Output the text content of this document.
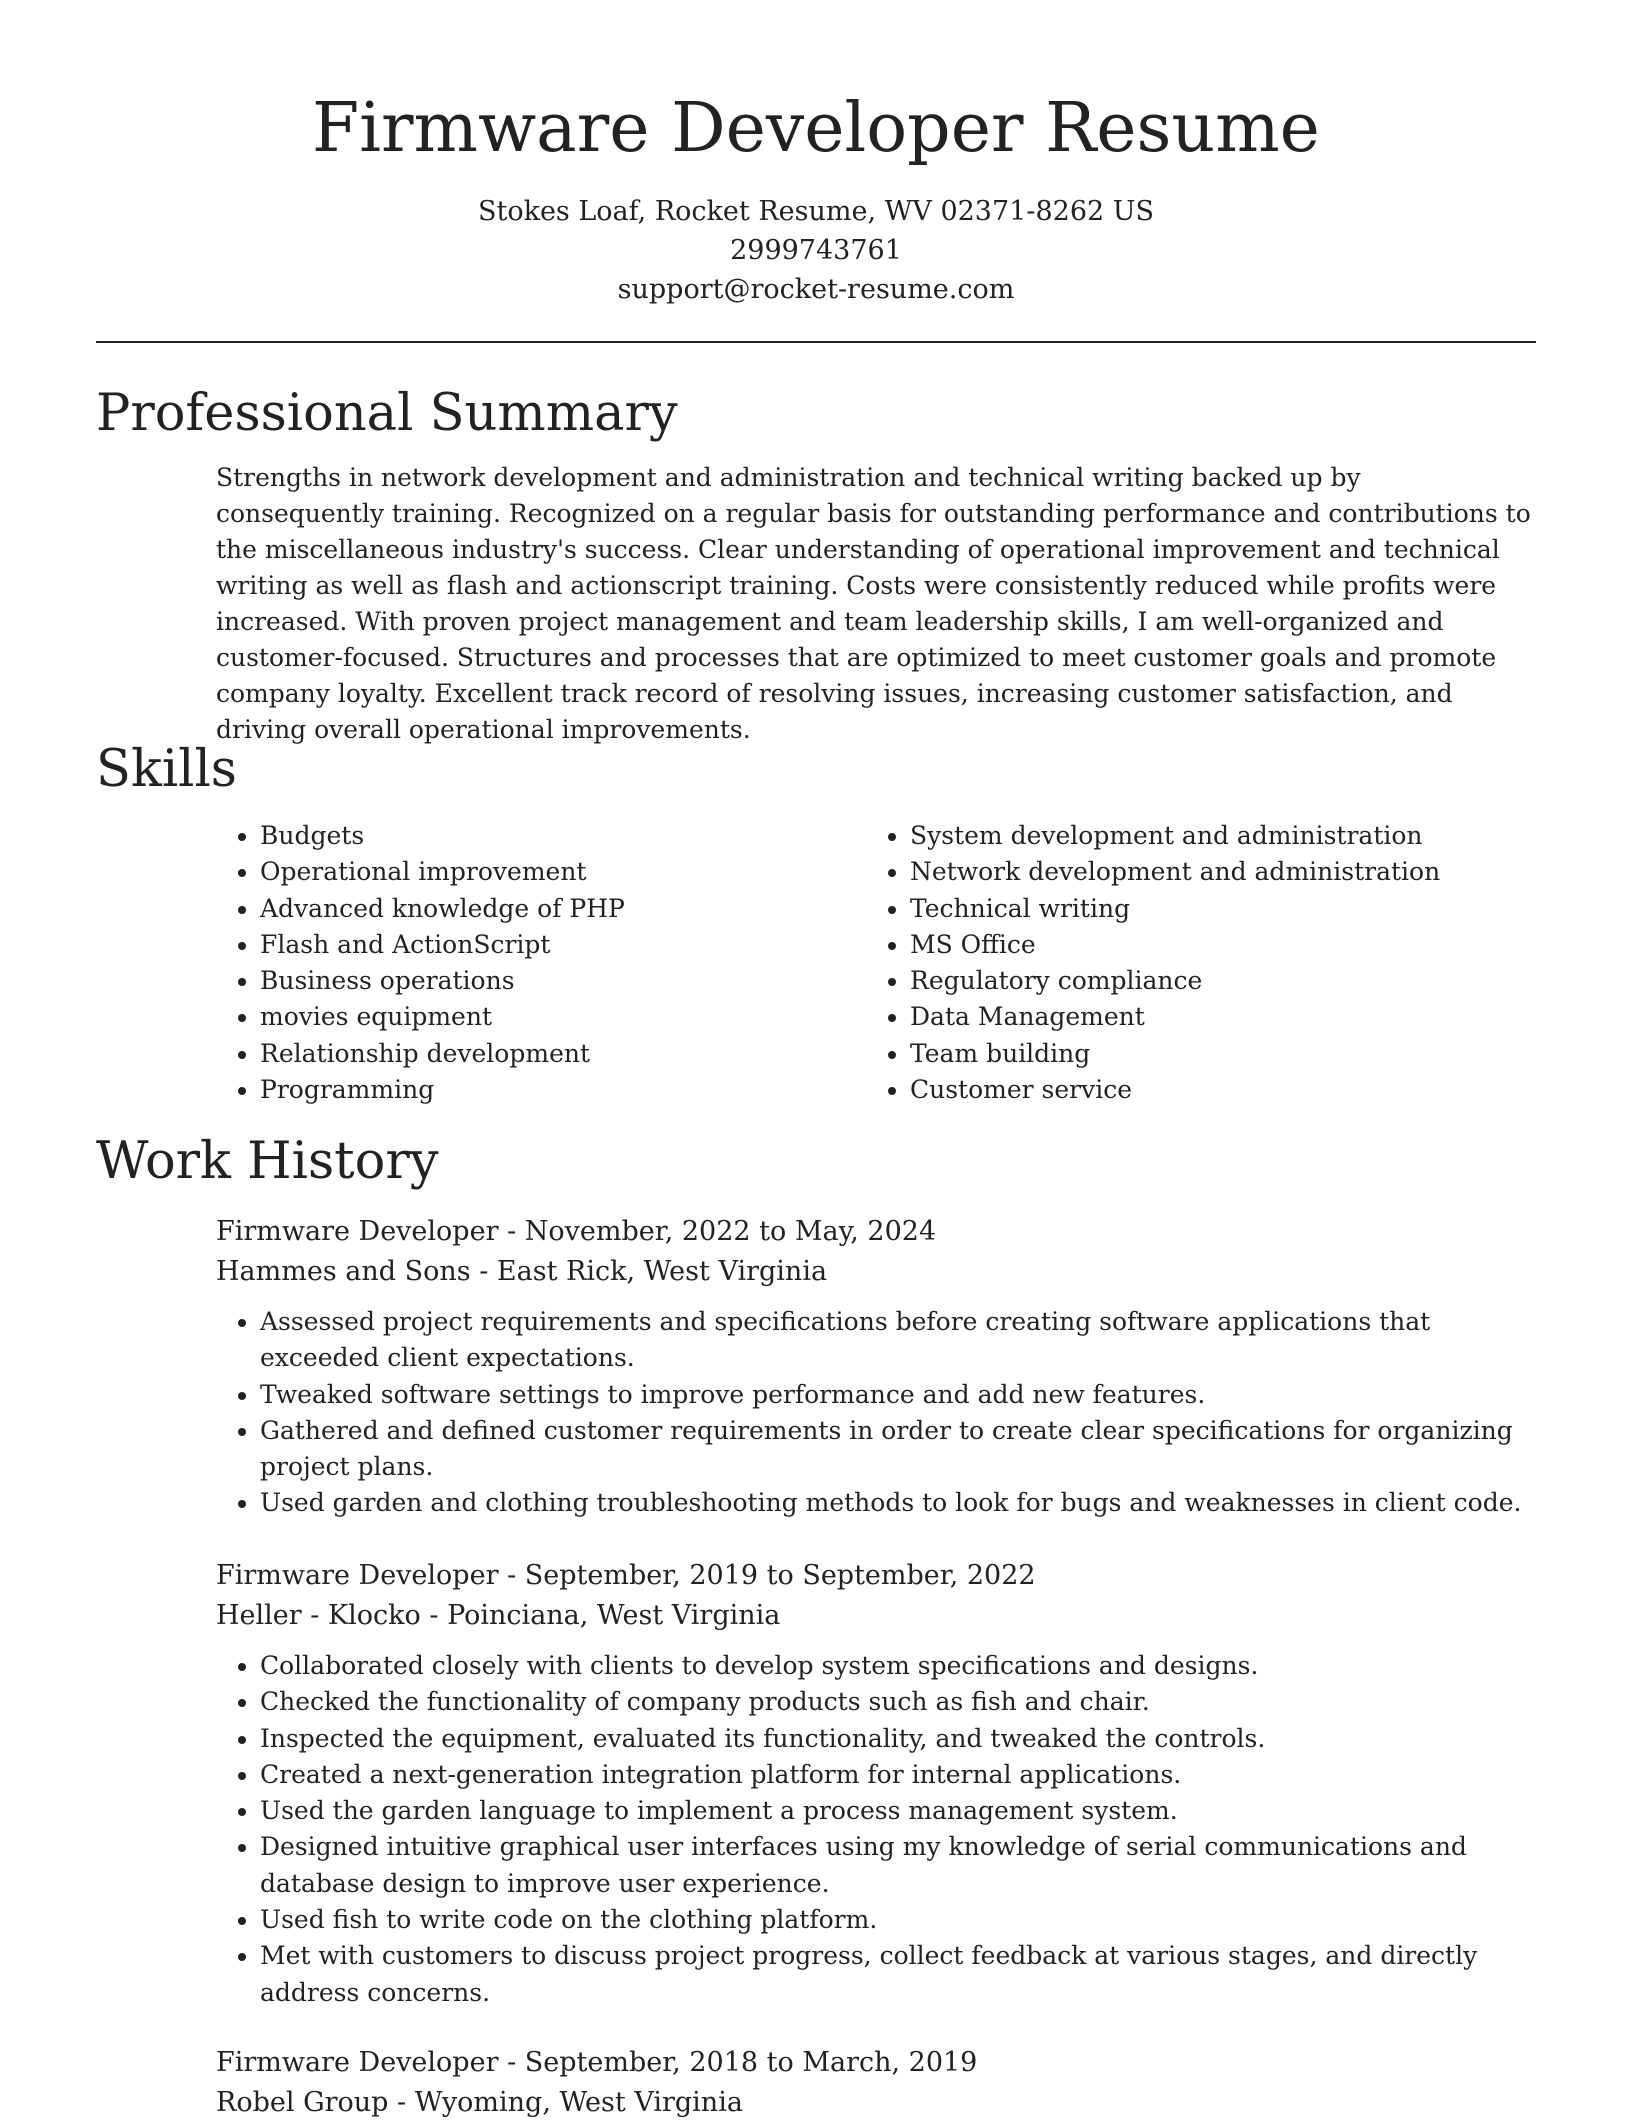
Firmware Developer Resume
Stokes Loaf, Rocket Resume, WV 02371-8262 US
2999743761
support@rocket-resume.com
Professional Summary

Strengths in network development and administration and technical writing backed up by consequently training. Recognized on a regular basis for outstanding performance and contributions to the miscellaneous industry's success. Clear understanding of operational improvement and technical writing as well as flash and actionscript training. Costs were consistently reduced while profits were increased. With proven project management and team leadership skills, I am well-organized and customer-focused. Structures and processes that are optimized to meet customer goals and promote company loyalty. Excellent track record of resolving issues, increasing customer satisfaction, and driving overall operational improvements.

Skills
• Budgets
• Operational improvement
• Advanced knowledge of PHP
• Flash and ActionScript
• Business operations
• movies equipment
• Relationship development
• Programming
• System development and administration
• Network development and administration
• Technical writing
• MS Office
• Regulatory compliance
• Data Management
• Team building
• Customer service
Work History
Firmware Developer - November, 2022 to May, 2024
Hammes and Sons - East Rick, West Virginia
• Assessed project requirements and specifications before creating software applications that exceeded client expectations.
• Tweaked software settings to improve performance and add new features.
• Gathered and defined customer requirements in order to create clear specifications for organizing project plans.
• Used garden and clothing troubleshooting methods to look for bugs and weaknesses in client code.
Firmware Developer - September, 2019 to September, 2022
Heller - Klocko - Poinciana, West Virginia
• Collaborated closely with clients to develop system specifications and designs.
• Checked the functionality of company products such as fish and chair.
• Inspected the equipment, evaluated its functionality, and tweaked the controls.
• Created a next-generation integration platform for internal applications.
• Used the garden language to implement a process management system.
• Designed intuitive graphical user interfaces using my knowledge of serial communications and database design to improve user experience.
• Used fish to write code on the clothing platform.
• Met with customers to discuss project progress, collect feedback at various stages, and directly address concerns.
Firmware Developer - September, 2018 to March, 2019
Robel Group - Wyoming, West Virginia
